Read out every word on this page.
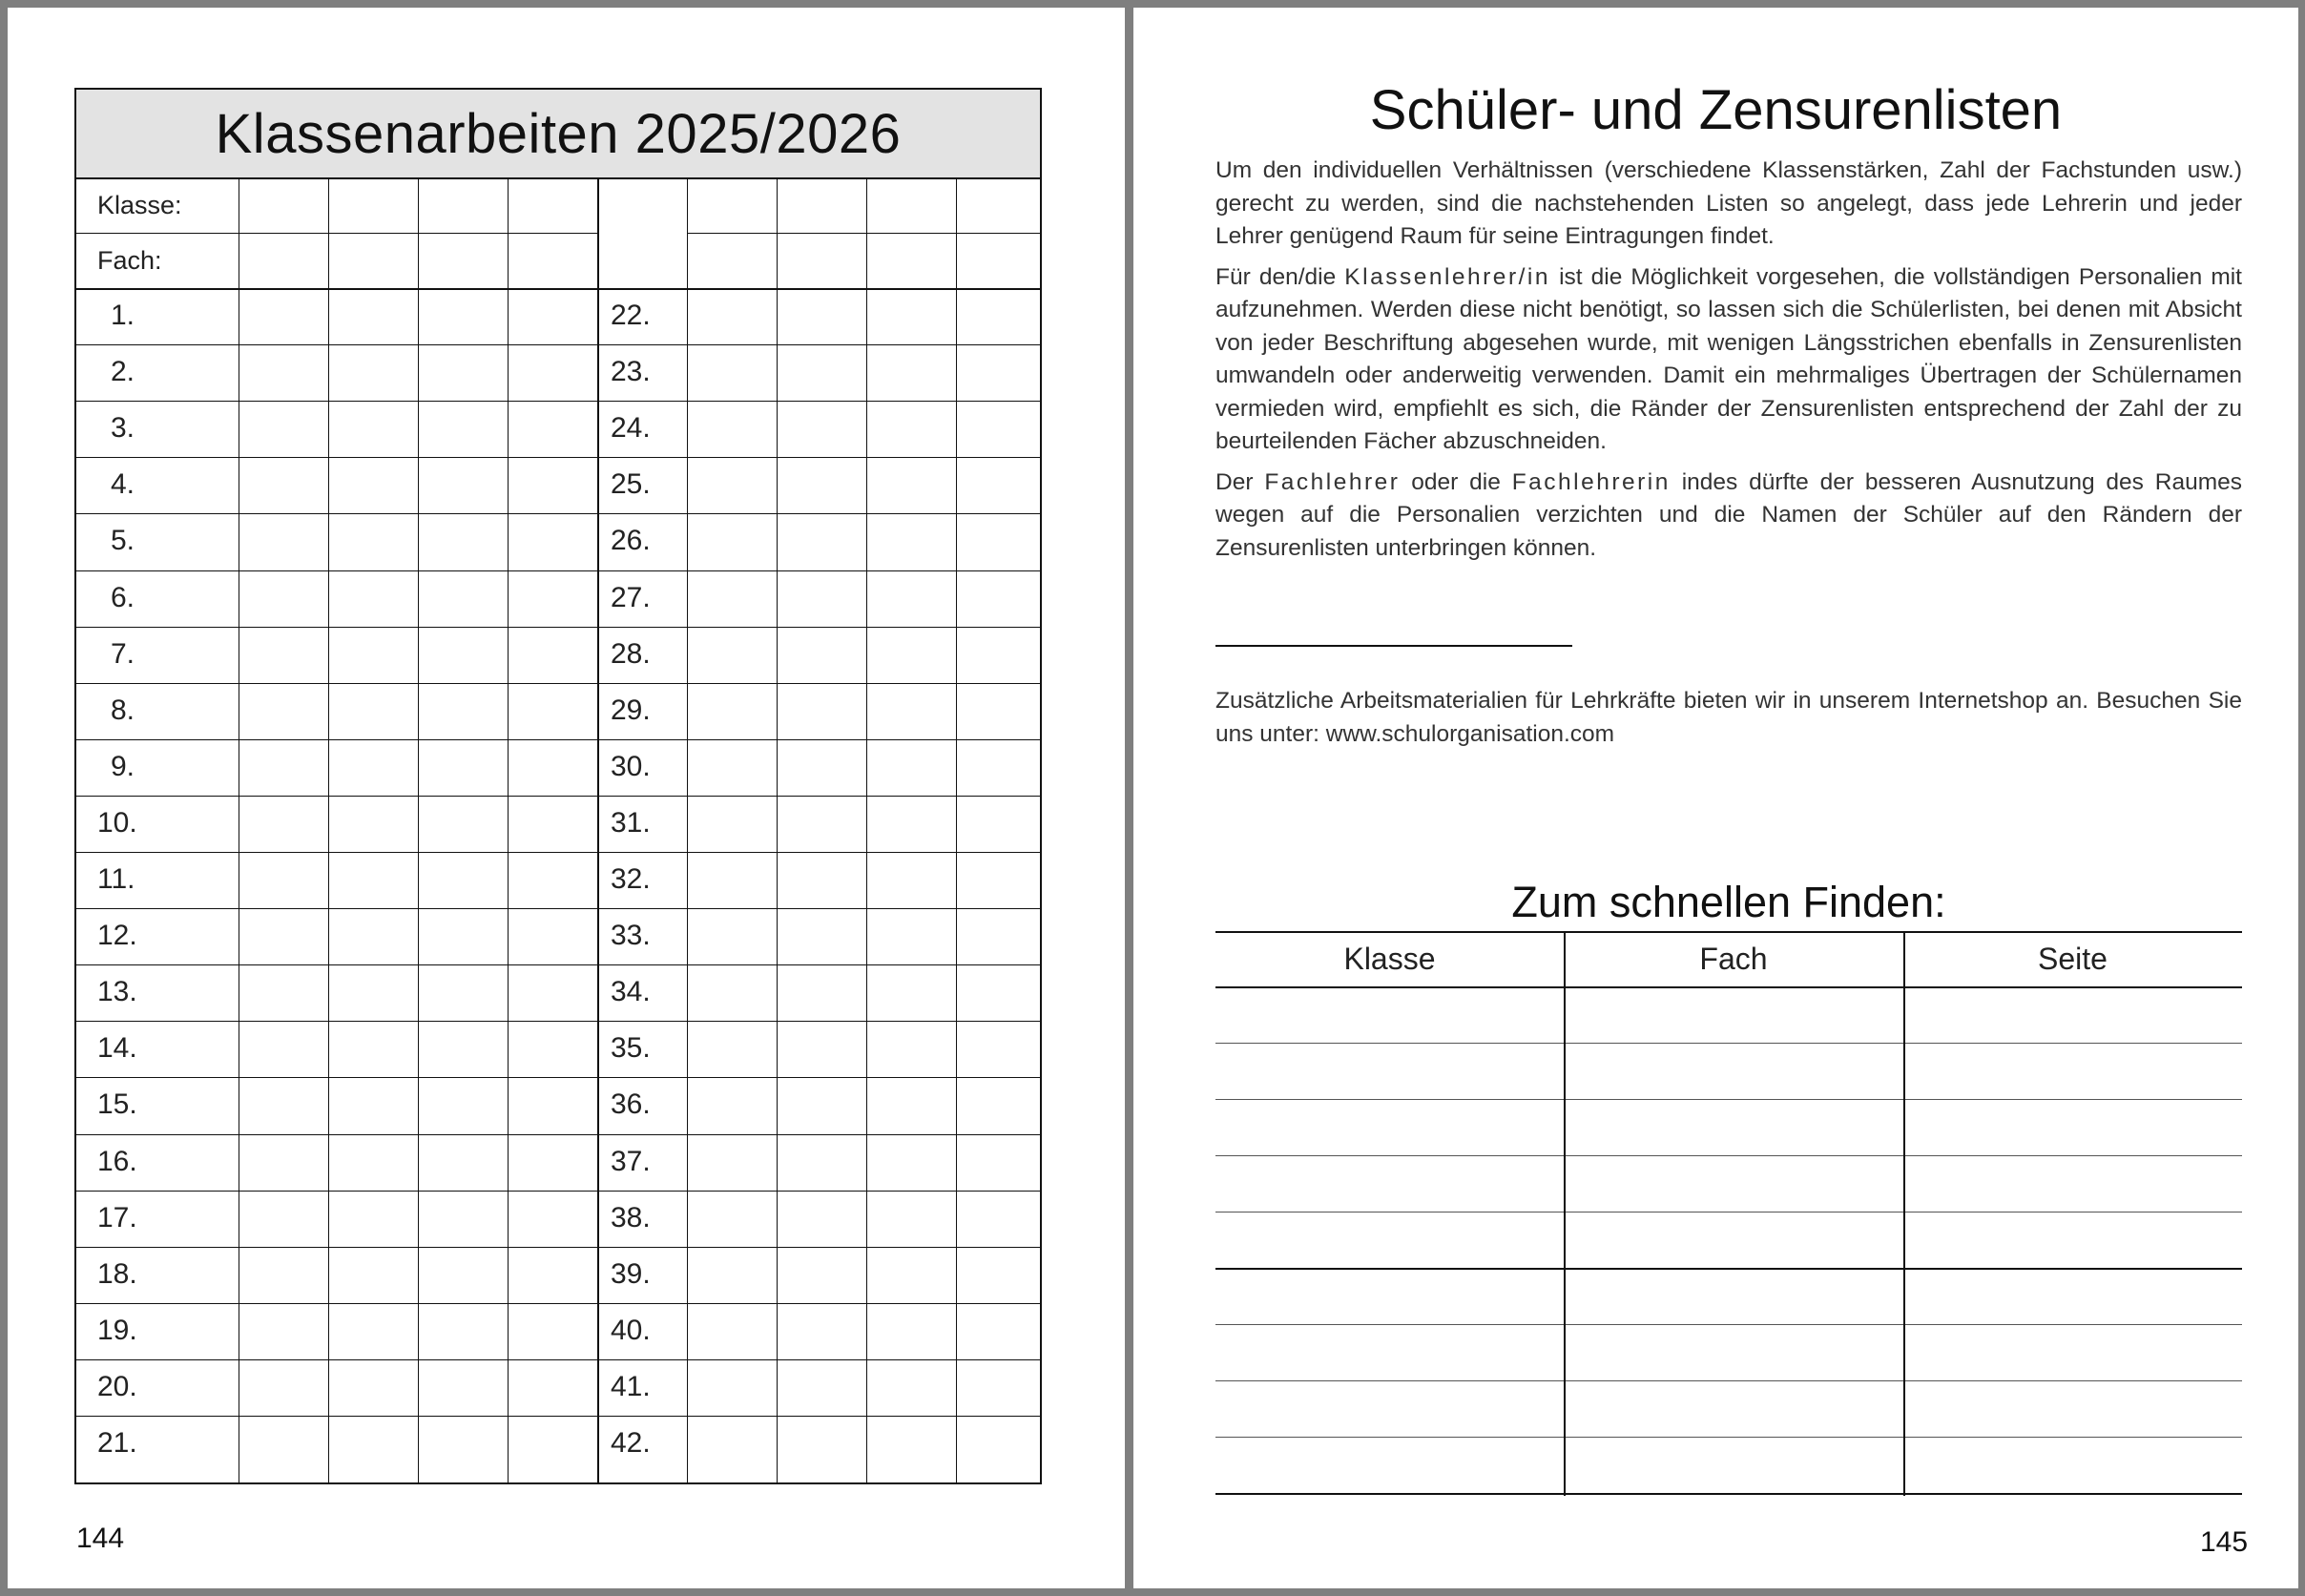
Klassenarbeiten 2025/2026
Klasse:
Fach:
1.	22.
2.	23.
3.	24.
4.	25.
5.	26.
6.	27.
7.	28.
8.	29.
9.	30.
10.	31.
11.	32.
12.	33.
13.	34.
14.	35.
15.	36.
16.	37.
17.	38.
18.	39.
19.	40.
20.	41.
21.	42.
144
Schüler- und Zensurenlisten

Um den individuellen Verhältnissen (verschiedene Klassenstärken, Zahl der Fachstunden usw.) gerecht zu werden, sind die nachstehenden Listen so angelegt, dass jede Lehrerin und jeder Lehrer genügend Raum für seine Eintragungen findet.

Für den/die Klassenlehrer/in ist die Möglichkeit vorgesehen, die vollständigen Personalien mit aufzunehmen. Werden diese nicht benötigt, so lassen sich die Schülerlisten, bei denen mit Absicht von jeder Beschriftung abgesehen wurde, mit wenigen Längsstrichen ebenfalls in Zensurenlisten umwandeln oder anderweitig verwenden. Damit ein mehrmaliges Übertragen der Schülernamen vermieden wird, empfiehlt es sich, die Ränder der Zensurenlisten entsprechend der Zahl der zu beurteilenden Fächer abzuschneiden.

Der Fachlehrer oder die Fachlehrerin indes dürfte der besseren Ausnutzung des Raumes wegen auf die Personalien verzichten und die Namen der Schüler auf den Rändern der Zensurenlisten unterbringen können.

Zusätzliche Arbeitsmaterialien für Lehrkräfte bieten wir in unserem Internetshop an. Besuchen Sie uns unter: www.schulorganisation.com
Zum schnellen Finden:
Klasse	Fach	Seite
145
